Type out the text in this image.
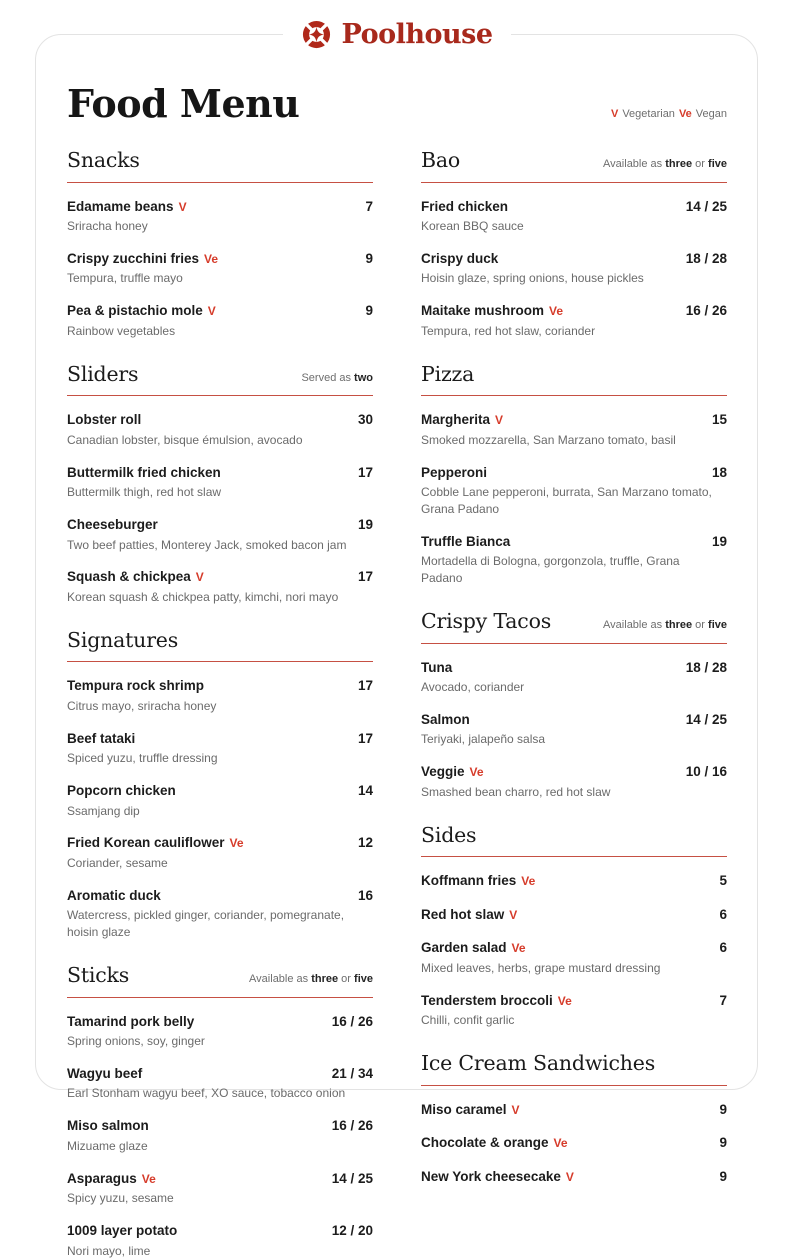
Poolhouse
Food Menu	V Vegetarian Ve Vegan
Snacks
Edamame beans V	7
Sriracha honey
Crispy zucchini fries Ve	9
Tempura, truffle mayo
Pea & pistachio mole V	9
Rainbow vegetables
Sliders	Served as two
Lobster roll	30
Canadian lobster, bisque émulsion, avocado
Buttermilk fried chicken	17
Buttermilk thigh, red hot slaw
Cheeseburger	19
Two beef patties, Monterey Jack, smoked bacon jam
Squash & chickpea V	17
Korean squash & chickpea patty, kimchi, nori mayo
Signatures
Tempura rock shrimp	17
Citrus mayo, sriracha honey
Beef tataki	17
Spiced yuzu, truffle dressing
Popcorn chicken	14
Ssamjang dip
Fried Korean cauliflower Ve	12
Coriander, sesame
Aromatic duck	16
Watercress, pickled ginger, coriander, pomegranate, hoisin glaze
Sticks	Available as three or five
Tamarind pork belly	16 / 26
Spring onions, soy, ginger
Wagyu beef	21 / 34
Earl Stonham wagyu beef, XO sauce, tobacco onion
Miso salmon	16 / 26
Mizuame glaze
Asparagus Ve	14 / 25
Spicy yuzu, sesame
1009 layer potato	12 / 20
Nori mayo, lime
Bao	Available as three or five
Fried chicken	14 / 25
Korean BBQ sauce
Crispy duck	18 / 28
Hoisin glaze, spring onions, house pickles
Maitake mushroom Ve	16 / 26
Tempura, red hot slaw, coriander
Pizza
Margherita V	15
Smoked mozzarella, San Marzano tomato, basil
Pepperoni	18
Cobble Lane pepperoni, burrata, San Marzano tomato, Grana Padano
Truffle Bianca	19
Mortadella di Bologna, gorgonzola, truffle, Grana Padano
Crispy Tacos	Available as three or five
Tuna	18 / 28
Avocado, coriander
Salmon	14 / 25
Teriyaki, jalapeño salsa
Veggie Ve	10 / 16
Smashed bean charro, red hot slaw
Sides
Koffmann fries Ve	5
Red hot slaw V	6
Garden salad Ve	6
Mixed leaves, herbs, grape mustard dressing
Tenderstem broccoli Ve	7
Chilli, confit garlic
Ice Cream Sandwiches
Miso caramel V	9
Chocolate & orange Ve	9
New York cheesecake V	9
